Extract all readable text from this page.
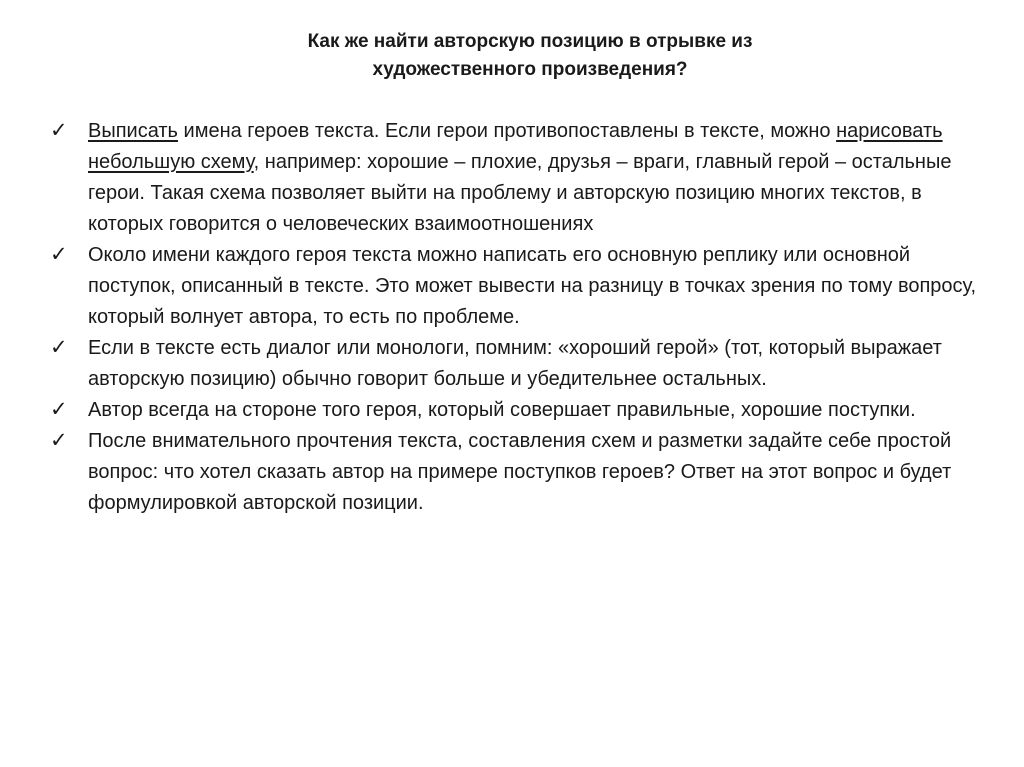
Как же найти авторскую позицию в отрывке из
художественного произведения?
✓ Выписать имена героев текста. Если герои противопоставлены в тексте, можно нарисовать небольшую схему, например: хорошие – плохие, друзья – враги, главный герой – остальные герои. Такая схема позволяет выйти на проблему и авторскую позицию многих текстов, в которых говорится о человеческих взаимоотношениях
✓ Около имени каждого героя текста можно написать его основную реплику или основной поступок, описанный в тексте. Это может вывести на разницу в точках зрения по тому вопросу, который волнует автора, то есть по проблеме.
✓ Если в тексте есть диалог или монологи, помним: «хороший герой» (тот, который выражает авторскую позицию) обычно говорит больше и убедительнее остальных.
✓ Автор всегда на стороне того героя, который совершает правильные, хорошие поступки.
✓ После внимательного прочтения текста, составления схем и разметки задайте себе простой вопрос: что хотел сказать автор на примере поступков героев? Ответ на этот вопрос и будет формулировкой авторской позиции.
